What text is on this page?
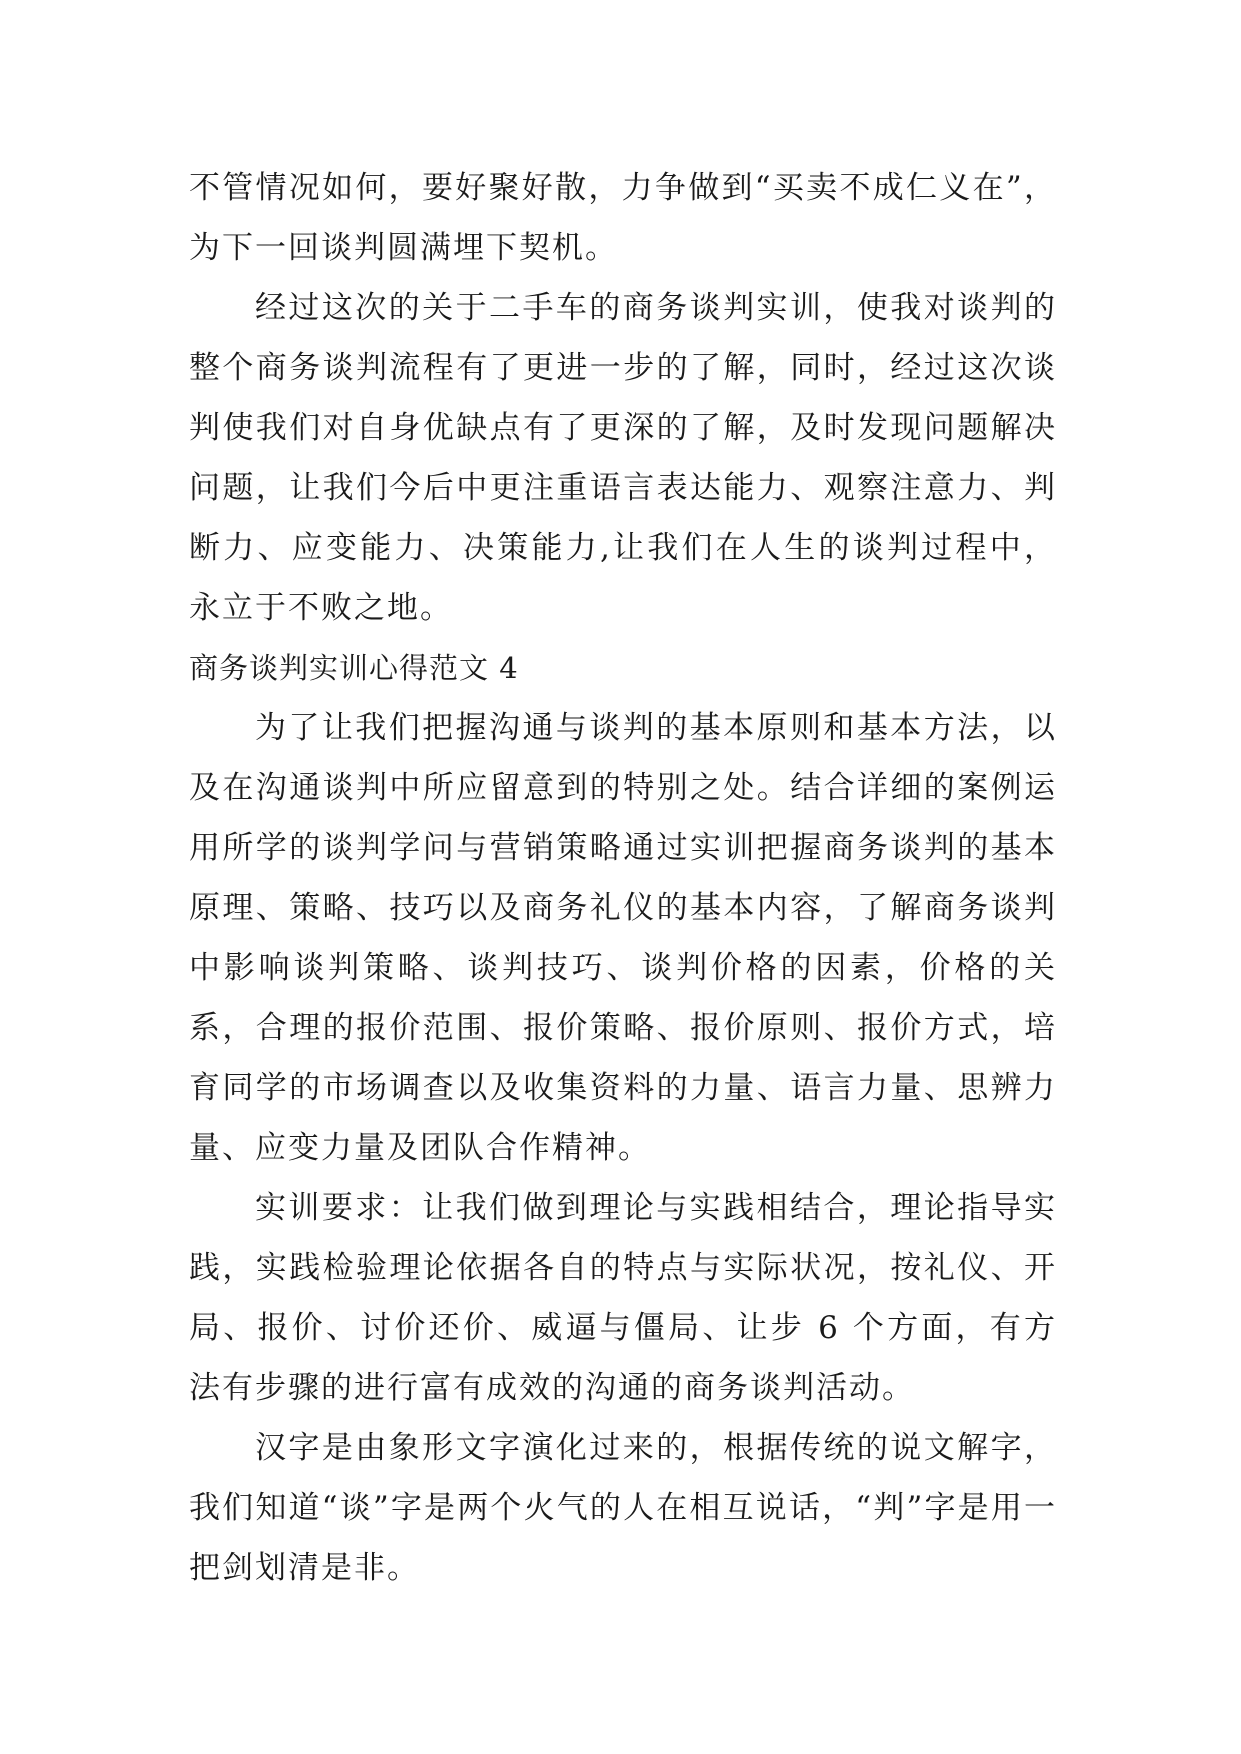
不管情况如何，要好聚好散，力争做到“买卖不成仁义在”，为下一回谈判圆满埋下契机。

经过这次的关于二手车的商务谈判实训，使我对谈判的整个商务谈判流程有了更进一步的了解，同时，经过这次谈判使我们对自身优缺点有了更深的了解，及时发现问题解决问题，让我们今后中更注重语言表达能力、观察注意力、判断力、应变能力、决策能力,让我们在人生的谈判过程中，永立于不败之地。

商务谈判实训心得范文 4

为了让我们把握沟通与谈判的基本原则和基本方法，以及在沟通谈判中所应留意到的特别之处。结合详细的案例运用所学的谈判学问与营销策略通过实训把握商务谈判的基本原理、策略、技巧以及商务礼仪的基本内容，了解商务谈判中影响谈判策略、谈判技巧、谈判价格的因素，价格的关系，合理的报价范围、报价策略、报价原则、报价方式，培育同学的市场调查以及收集资料的力量、语言力量、思辨力量、应变力量及团队合作精神。

实训要求：让我们做到理论与实践相结合，理论指导实践，实践检验理论依据各自的特点与实际状况，按礼仪、开局、报价、讨价还价、威逼与僵局、让步 6 个方面，有方法有步骤的进行富有成效的沟通的商务谈判活动。

汉字是由象形文字演化过来的，根据传统的说文解字，我们知道“谈”字是两个火气的人在相互说话，“判”字是用一把剑划清是非。
